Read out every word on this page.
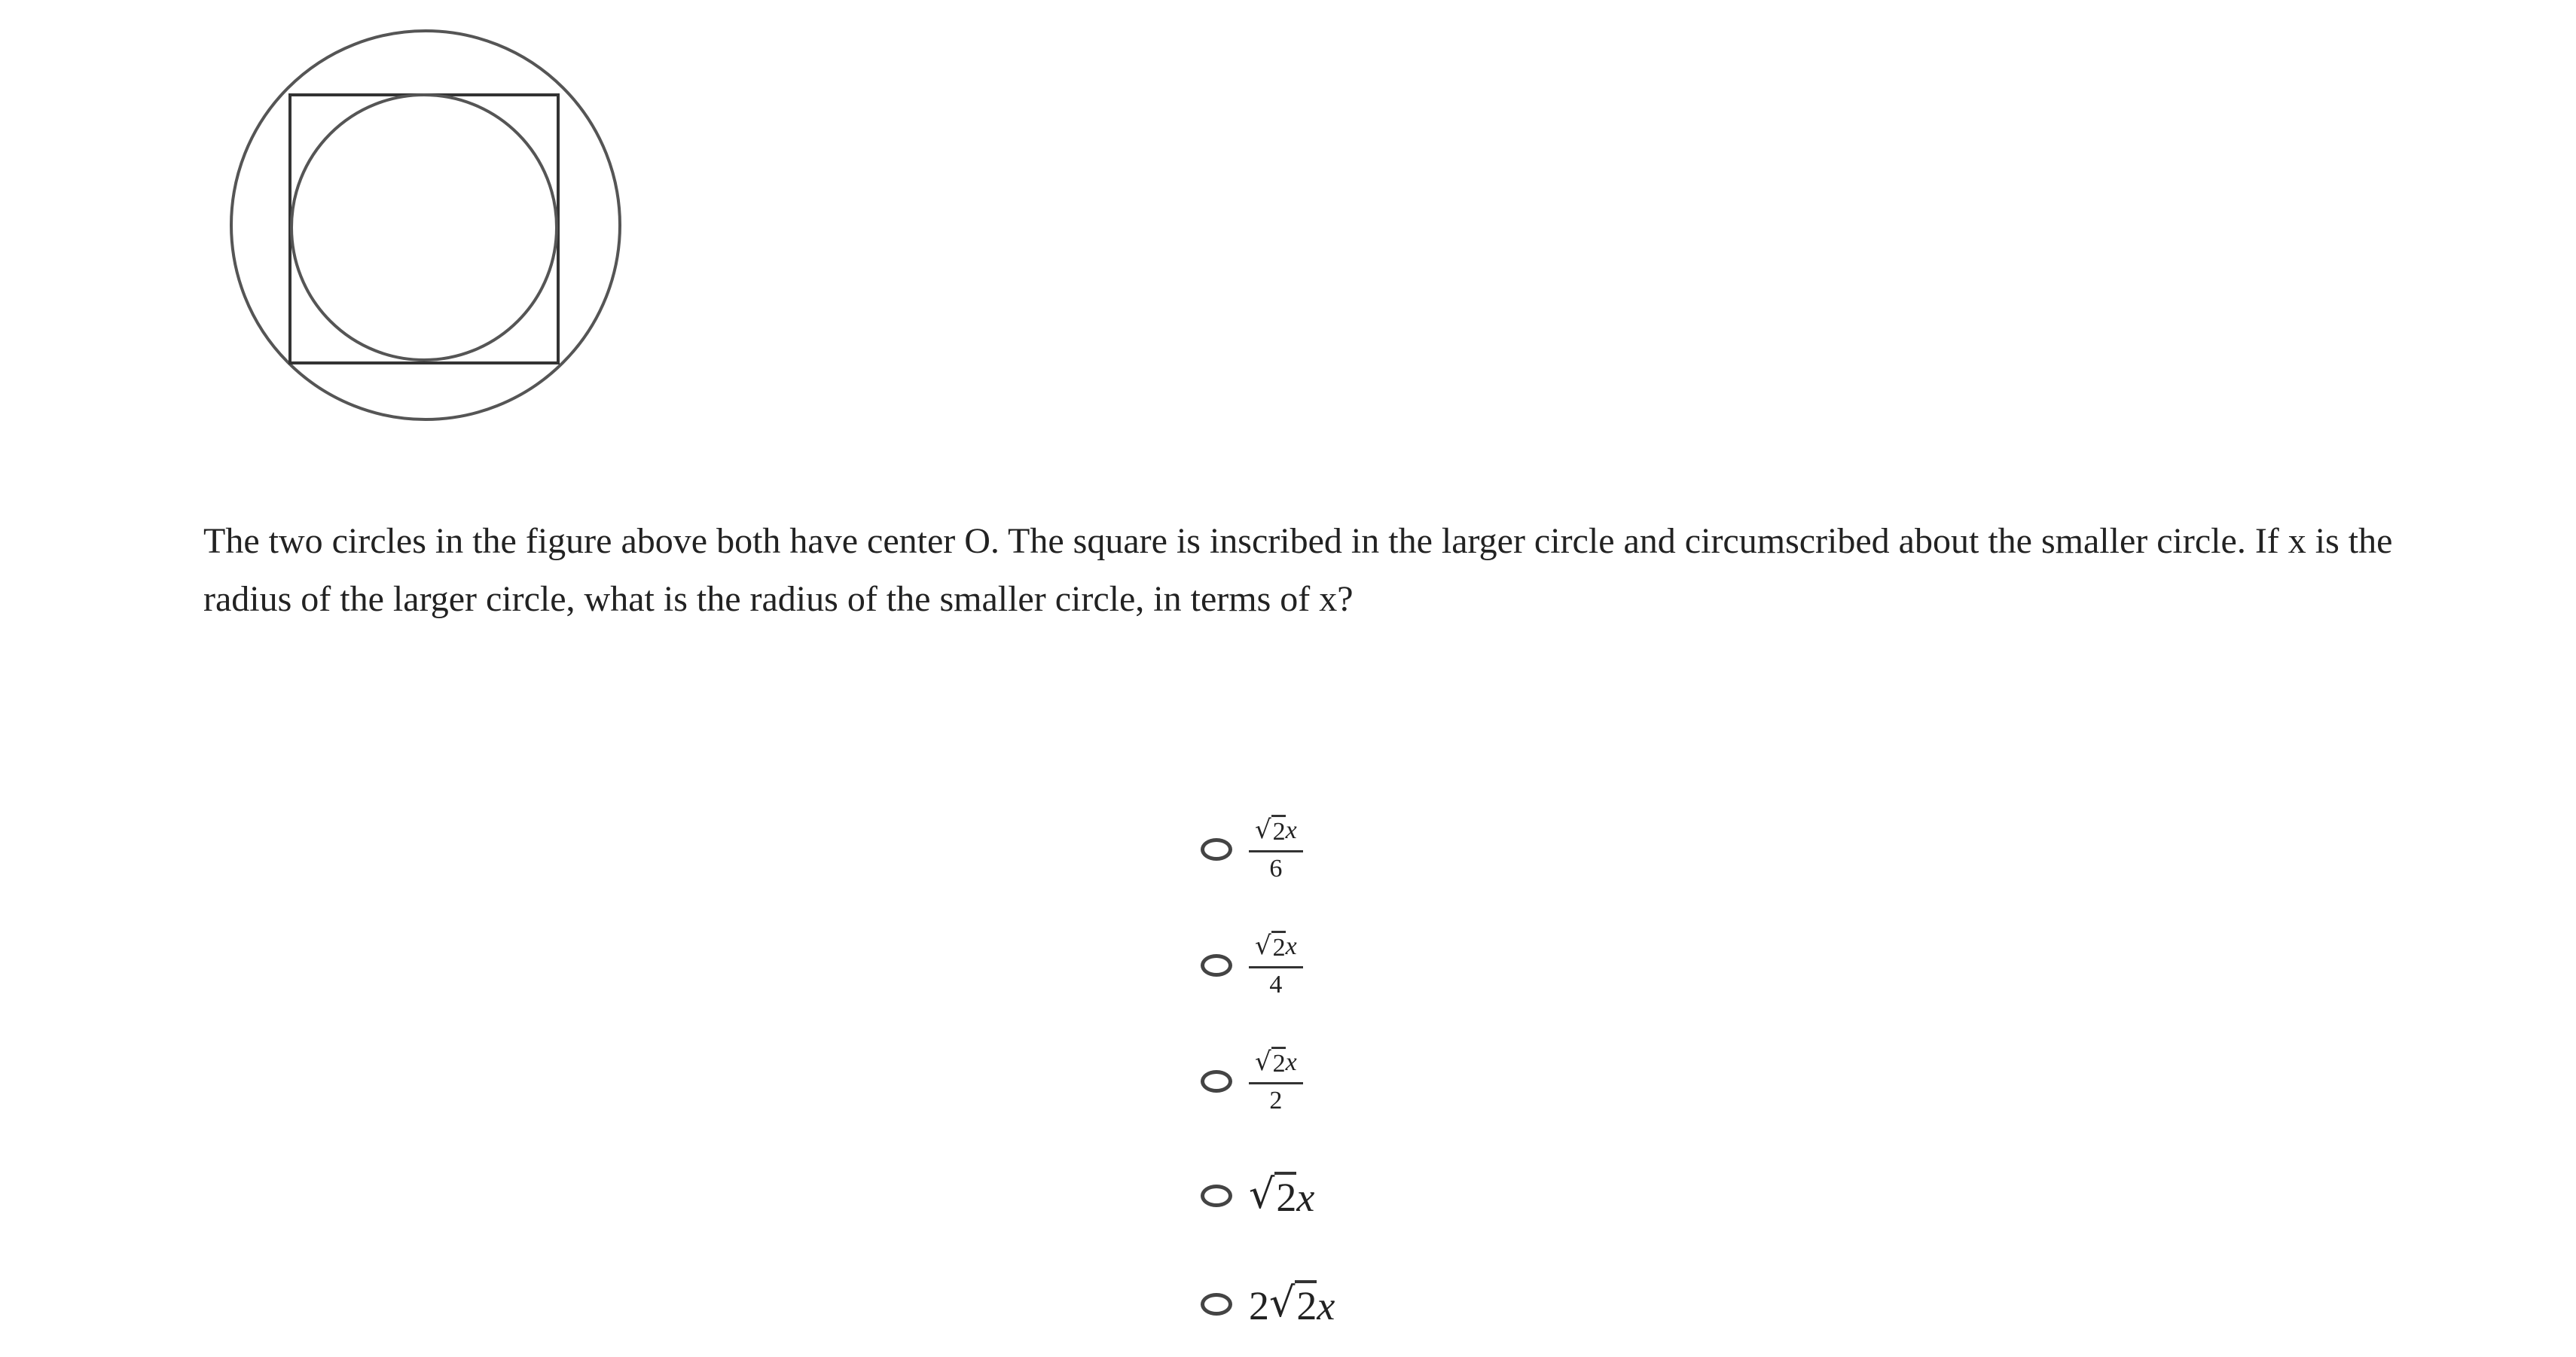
The two circles in the figure above both have center O. The square is inscribed in the larger circle and circumscribed about the smaller circle. If x is the radius of the larger circle, what is the radius of the smaller circle, in terms of x?

$\frac{√ 2 x}{6}$
$\frac{√ 2 x}{4}$
$\frac{√ 2 x}{2}$
√ 2 x
2 √ 2 x
